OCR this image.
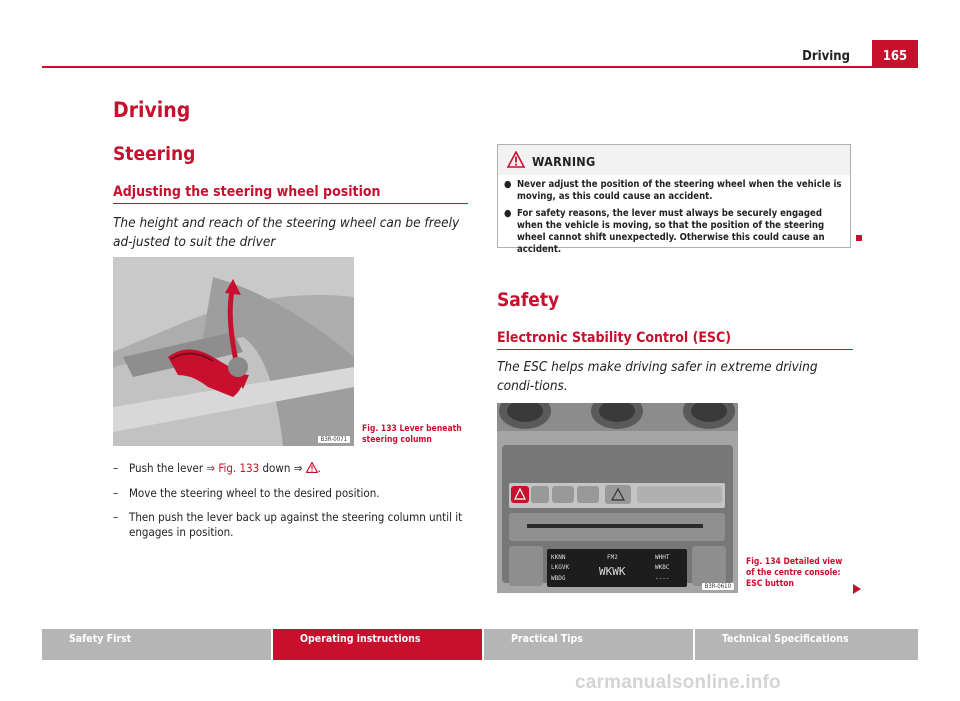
Driving	165
Driving
Steering
Adjusting the steering wheel position
The height and reach of the steering wheel can be freely ad-justed to suit the driver
B3R-0071
Fig. 133 Lever beneath steering column
– Push the lever ⇒ Fig. 133 down ⇒ .
– Move the steering wheel to the desired position.
– Then push the lever back up against the steering column until it engages in position.
WARNING
● Never adjust the position of the steering wheel when the vehicle is moving, as this could cause an accident.
● For safety reasons, the lever must always be securely engaged when the vehicle is moving, so that the position of the steering wheel cannot shift unexpectedly. Otherwise this could cause an accident.
Safety
Electronic Stability Control (ESC)
The ESC helps make driving safer in extreme driving condi-tions.
KKNN
LKGVK
WBDG
FM2
WKWK
WHHT
WKBC
----
B3R-0610
Fig. 134 Detailed view of the centre console: ESC button
Safety First	Operating instructions	Practical Tips	Technical Specifications
carmanualsonline.info
